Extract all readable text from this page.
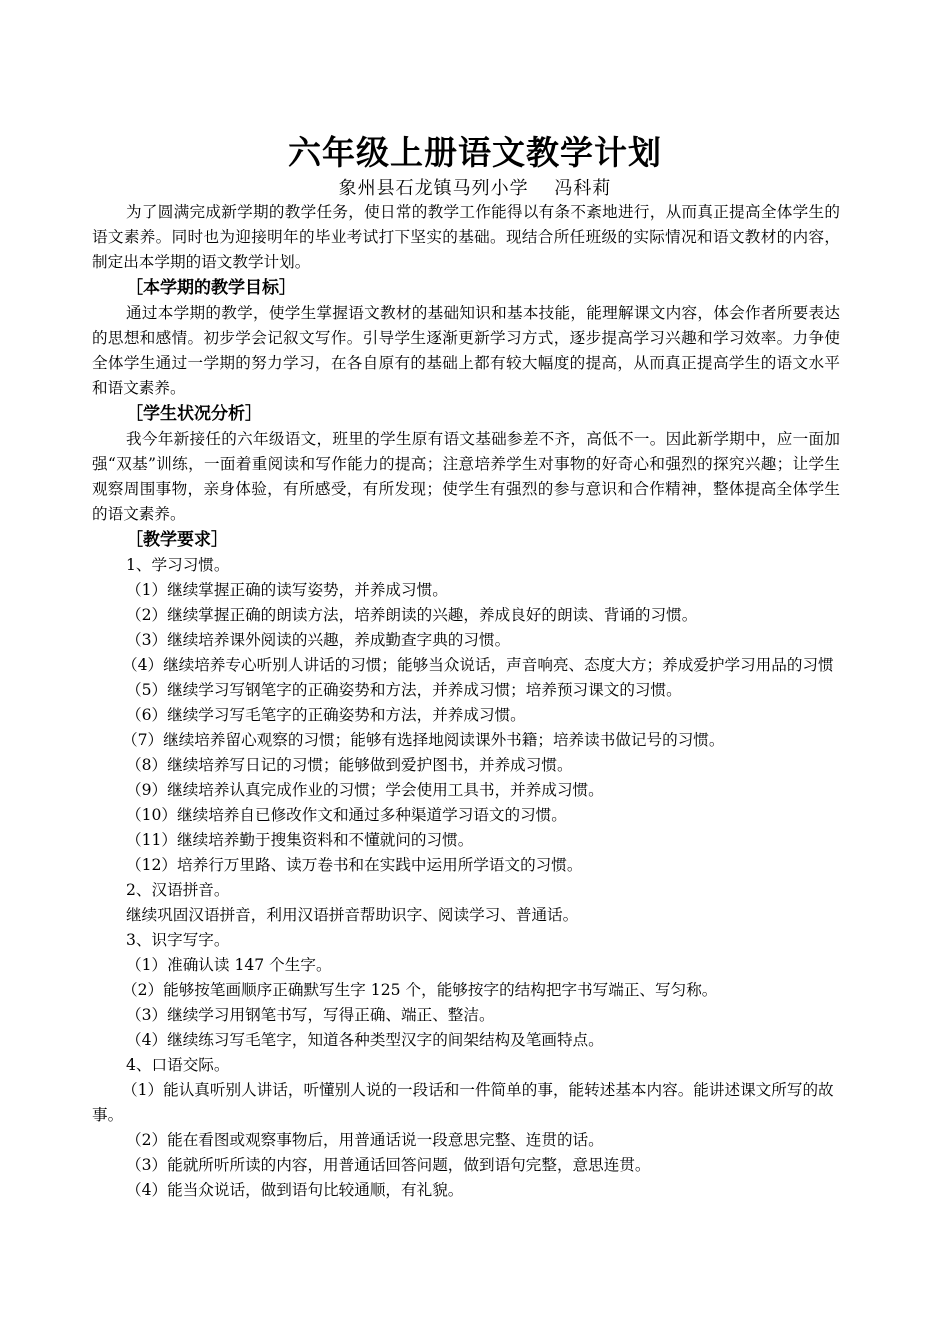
六年级上册语文教学计划

象州县石龙镇马列小学　 冯科莉

为了圆满完成新学期的教学任务，使日常的教学工作能得以有条不紊地进行，从而真正提高全体学生的语文素养。同时也为迎接明年的毕业考试打下坚实的基础。现结合所任班级的实际情况和语文教材的内容，制定出本学期的语文教学计划。

［本学期的教学目标］

通过本学期的教学，使学生掌握语文教材的基础知识和基本技能，能理解课文内容，体会作者所要表达的思想和感情。初步学会记叙文写作。引导学生逐渐更新学习方式，逐步提高学习兴趣和学习效率。力争使全体学生通过一学期的努力学习，在各自原有的基础上都有较大幅度的提高，从而真正提高学生的语文水平和语文素养。

［学生状况分析］

我今年新接任的六年级语文，班里的学生原有语文基础参差不齐，高低不一。因此新学期中，应一面加强“双基”训练，一面着重阅读和写作能力的提高；注意培养学生对事物的好奇心和强烈的探究兴趣；让学生观察周围事物，亲身体验，有所感受，有所发现；使学生有强烈的参与意识和合作精神，整体提高全体学生的语文素养。

［教学要求］

1、学习习惯。

（1）继续掌握正确的读写姿势，并养成习惯。

（2）继续掌握正确的朗读方法，培养朗读的兴趣，养成良好的朗读、背诵的习惯。

（3）继续培养课外阅读的兴趣，养成勤查字典的习惯。

（4）继续培养专心听别人讲话的习惯；能够当众说话，声音响亮、态度大方；养成爱护学习用品的习惯

（5）继续学习写钢笔字的正确姿势和方法，并养成习惯；培养预习课文的习惯。

（6）继续学习写毛笔字的正确姿势和方法，并养成习惯。

（7）继续培养留心观察的习惯；能够有选择地阅读课外书籍；培养读书做记号的习惯。

（8）继续培养写日记的习惯；能够做到爱护图书，并养成习惯。

（9）继续培养认真完成作业的习惯；学会使用工具书，并养成习惯。

（10）继续培养自已修改作文和通过多种渠道学习语文的习惯。

（11）继续培养勤于搜集资料和不懂就问的习惯。

（12）培养行万里路、读万卷书和在实践中运用所学语文的习惯。

2、汉语拼音。

继续巩固汉语拼音，利用汉语拼音帮助识字、阅读学习、普通话。

3、识字写字。

（1）准确认读 147 个生字。

（2）能够按笔画顺序正确默写生字 125 个，能够按字的结构把字书写端正、写匀称。

（3）继续学习用钢笔书写，写得正确、端正、整洁。

（4）继续练习写毛笔字，知道各种类型汉字的间架结构及笔画特点。

4、口语交际。

（1）能认真听别人讲话，听懂别人说的一段话和一件简单的事，能转述基本内容。能讲述课文所写的故事。

（2）能在看图或观察事物后，用普通话说一段意思完整、连贯的话。

（3）能就所听所读的内容，用普通话回答问题，做到语句完整，意思连贯。

（4）能当众说话，做到语句比较通顺，有礼貌。
